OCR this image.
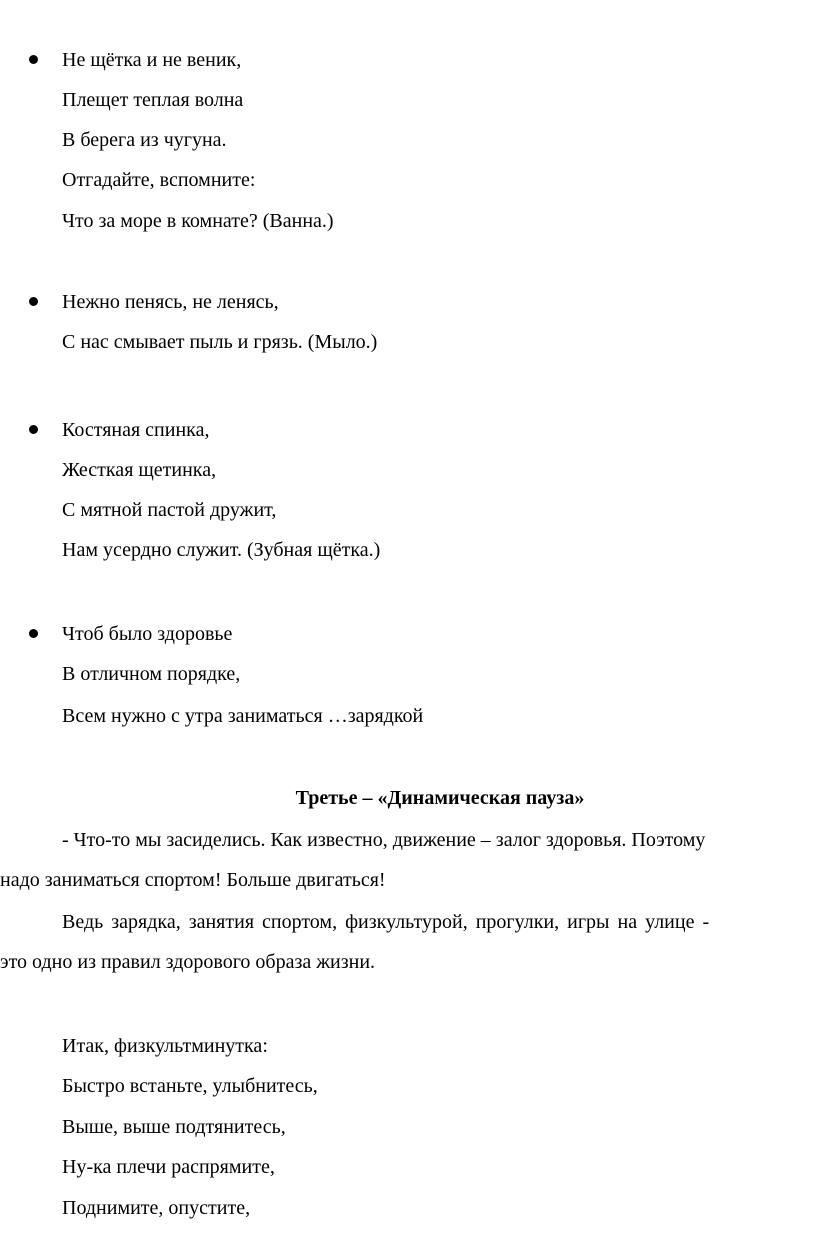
Не щётка и не веник,
Плещет теплая волна
В берега из чугуна.
Отгадайте, вспомните:
Что за море в комнате? (Ванна.)
Нежно пенясь, не ленясь,
С нас смывает пыль и грязь. (Мыло.)
Костяная спинка,
Жесткая щетинка,
С мятной пастой дружит,
Нам усердно служит. (Зубная щётка.)
Чтоб было здоровье
В отличном порядке,
Всем нужно с утра заниматься …зарядкой
Третье – «Динамическая пауза»
- Что-то мы засиделись. Как известно, движение – залог здоровья. Поэтому
надо заниматься спортом! Больше двигаться!
Ведь зарядка, занятия спортом, физкультурой, прогулки, игры на улице -
это одно из правил здорового образа жизни.
Итак, физкультминутка:
Быстро встаньте, улыбнитесь,
Выше, выше подтянитесь,
Ну-ка плечи распрямите,
Поднимите, опустите,
